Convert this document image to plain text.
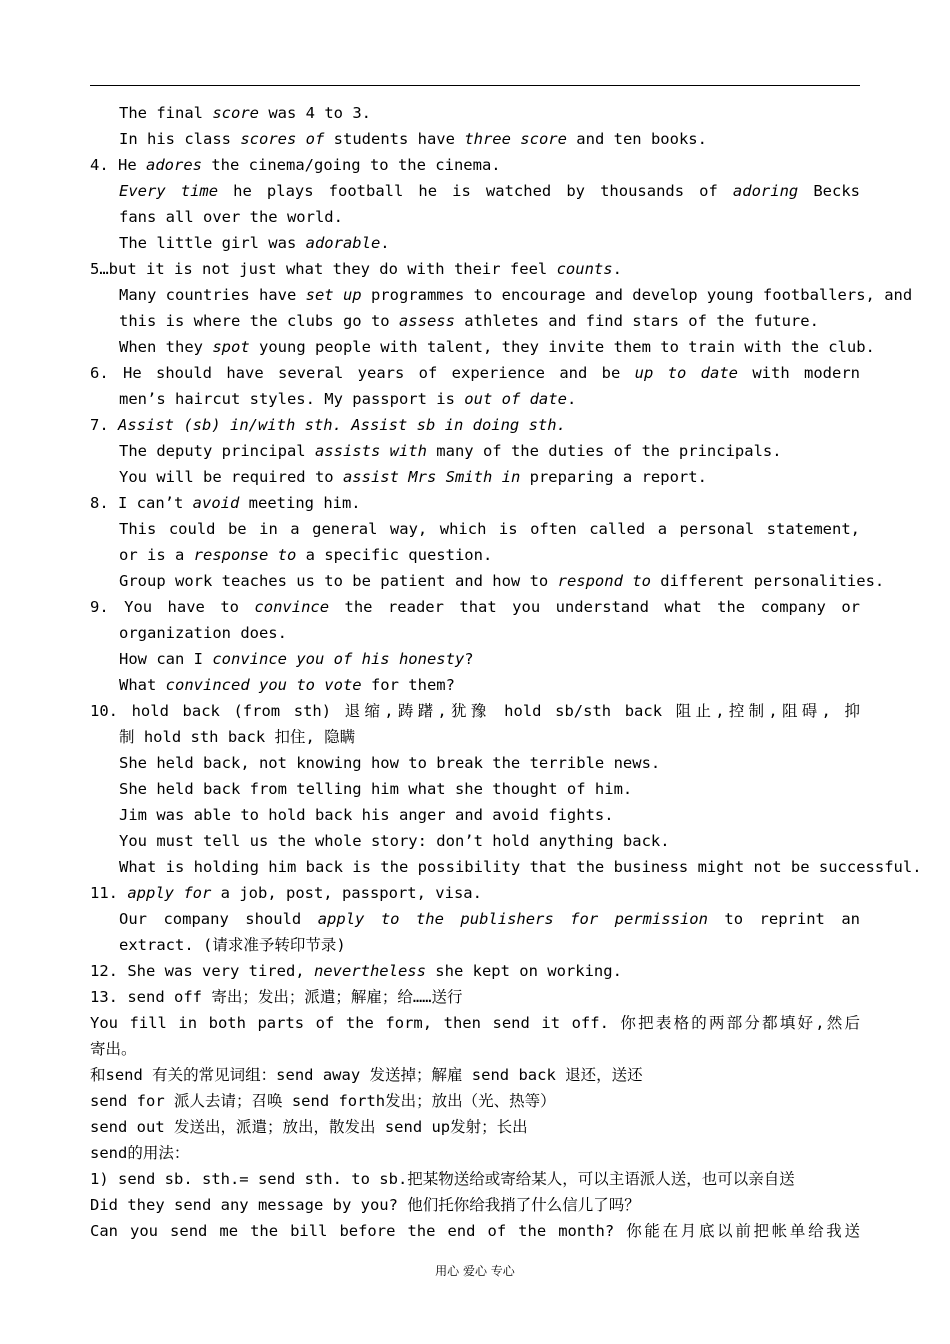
The final score was 4 to 3.
In his class scores of students have three score and ten books.
4. He adores the cinema/going to the cinema.
Every time he plays football he is watched by thousands of adoring Becks
fans all over the world.
The little girl was adorable.
5…but it is not just what they do with their feel counts.
Many countries have set up programmes to encourage and develop young footballers, and
this is where the clubs go to assess athletes and find stars of the future.
When they spot young people with talent, they invite them to train with the club.
6. He should have several years of experience and be up to date with modern
men’s haircut styles. My passport is out of date.
7. Assist (sb) in/with sth. Assist sb in doing sth.
The deputy principal assists with many of the duties of the principals.
You will be required to assist Mrs Smith in preparing a report.
8. I can’t avoid meeting him.
This could be in a general way, which is often called a personal statement,
or is a response to a specific question.
Group work teaches us to be patient and how to respond to different personalities.
9. You have to convince the reader that you understand what the company or
organization does.
How can I convince you of his honesty?
What convinced you to vote for them?
10. hold back (from sth) 退缩,踌躇,犹豫 hold sb/sth back 阻止,控制,阻碍, 抑
制 hold sth back 扣住, 隐瞒
She held back, not knowing how to break the terrible news.
She held back from telling him what she thought of him.
Jim was able to hold back his anger and avoid fights.
You must tell us the whole story: don’t hold anything back.
What is holding him back is the possibility that the business might not be successful.
11. apply for a job, post, passport, visa.
Our company should apply to the publishers for permission to reprint an
extract. (请求准予转印节录)
12. She was very tired, nevertheless she kept on working.
13. send off 寄出；发出；派遣；解雇；给……送行
You fill in both parts of the form, then send it off. 你把表格的两部分都填好,然后
寄出。
和send 有关的常见词组：send away 发送掉；解雇 send back 退还，送还
send for 派人去请；召唤 send forth发出；放出（光、热等）
send out 发送出，派遣；放出，散发出 send up发射；长出
send的用法：
1) send sb. sth.= send sth. to sb.把某物送给或寄给某人，可以主语派人送，也可以亲自送
Did they send any message by you? 他们托你给我捎了什么信儿了吗？
Can you send me the bill before the end of the month? 你能在月底以前把帐单给我送
用心 爱心 专心
